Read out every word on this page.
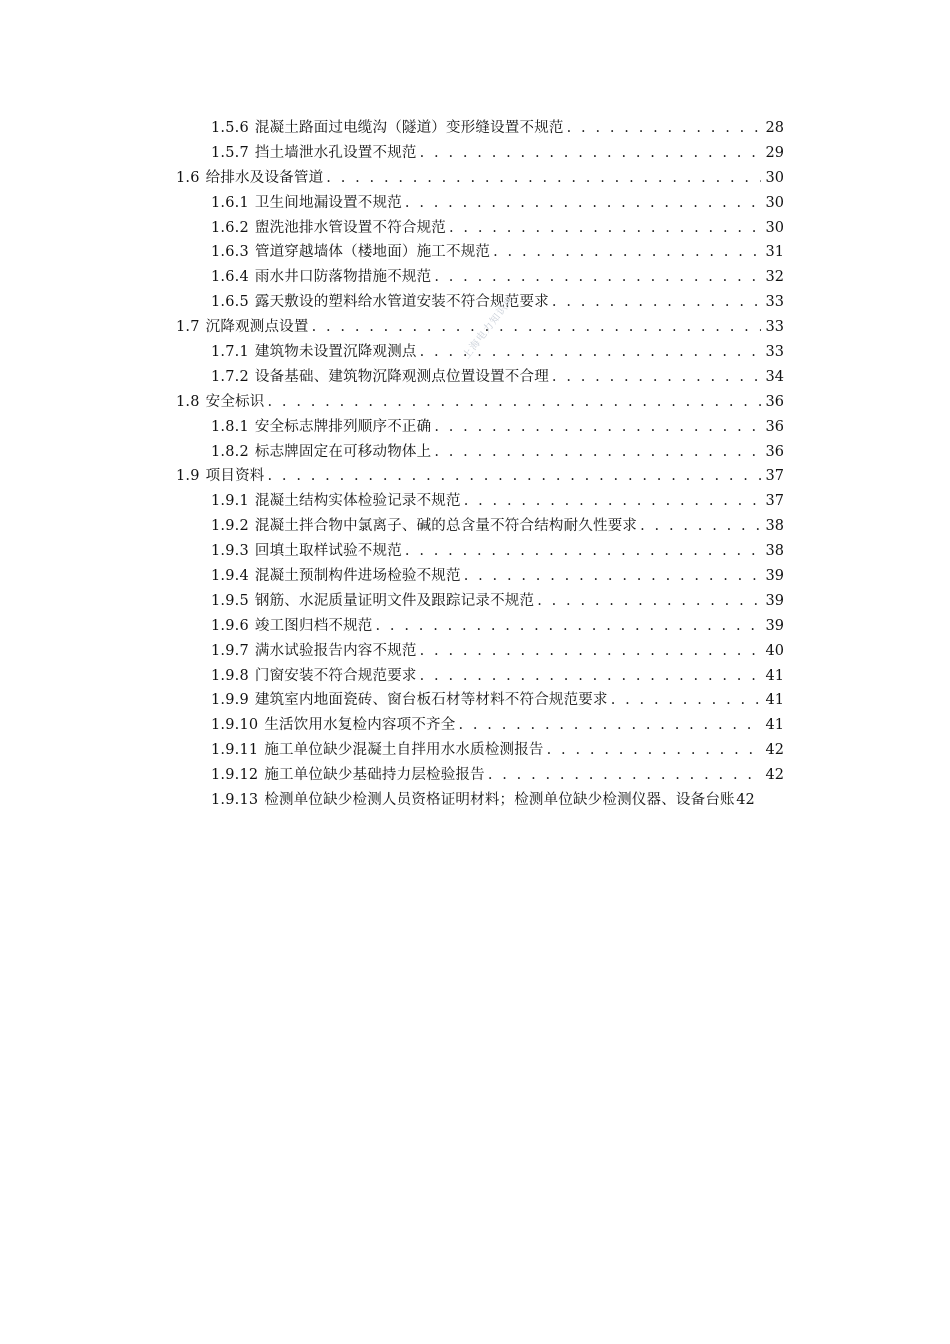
1.5.6 混凝土路面过电缆沟（隧道）变形缝设置不规范 . . .	28
1.5.7 挡土墙泄水孔设置不规范 . . .	29
1.6 给排水及设备管道 . . .	30
1.6.1 卫生间地漏设置不规范 . . .	30
1.6.2 盥洗池排水管设置不符合规范 . . .	30
1.6.3 管道穿越墙体（楼地面）施工不规范 . . .	31
1.6.4 雨水井口防落物措施不规范 . . .	32
1.6.5 露天敷设的塑料给水管道安装不符合规范要求 . . .	33
1.7 沉降观测点设置 . . .	33
1.7.1 建筑物未设置沉降观测点 . . .	33
1.7.2 设备基础、建筑物沉降观测点位置设置不合理 . . .	34
1.8 安全标识 . . .	36
1.8.1 安全标志牌排列顺序不正确 . . .	36
1.8.2 标志牌固定在可移动物体上 . . .	36
1.9 项目资料 . . .	37
1.9.1 混凝土结构实体检验记录不规范 . . .	37
1.9.2 混凝土拌合物中氯离子、碱的总含量不符合结构耐久性要求 . . .	38
1.9.3 回填土取样试验不规范 . . .	38
1.9.4 混凝土预制构件进场检验不规范 . . .	39
1.9.5 钢筋、水泥质量证明文件及跟踪记录不规范 . . .	39
1.9.6 竣工图归档不规范 . . .	39
1.9.7 满水试验报告内容不规范 . . .	40
1.9.8 门窗安装不符合规范要求 . . .	41
1.9.9 建筑室内地面瓷砖、窗台板石材等材料不符合规范要求 . . .	41
1.9.10 生活饮用水复检内容项不齐全 . . .	41
1.9.11 施工单位缺少混凝土自拌用水水质检测报告 . . .	42
1.9.12 施工单位缺少基础持力层检验报告 . . .	42
1.9.13 检测单位缺少检测人员资格证明材料；检测单位缺少检测仪器、设备台账 42
上海电力知识库
